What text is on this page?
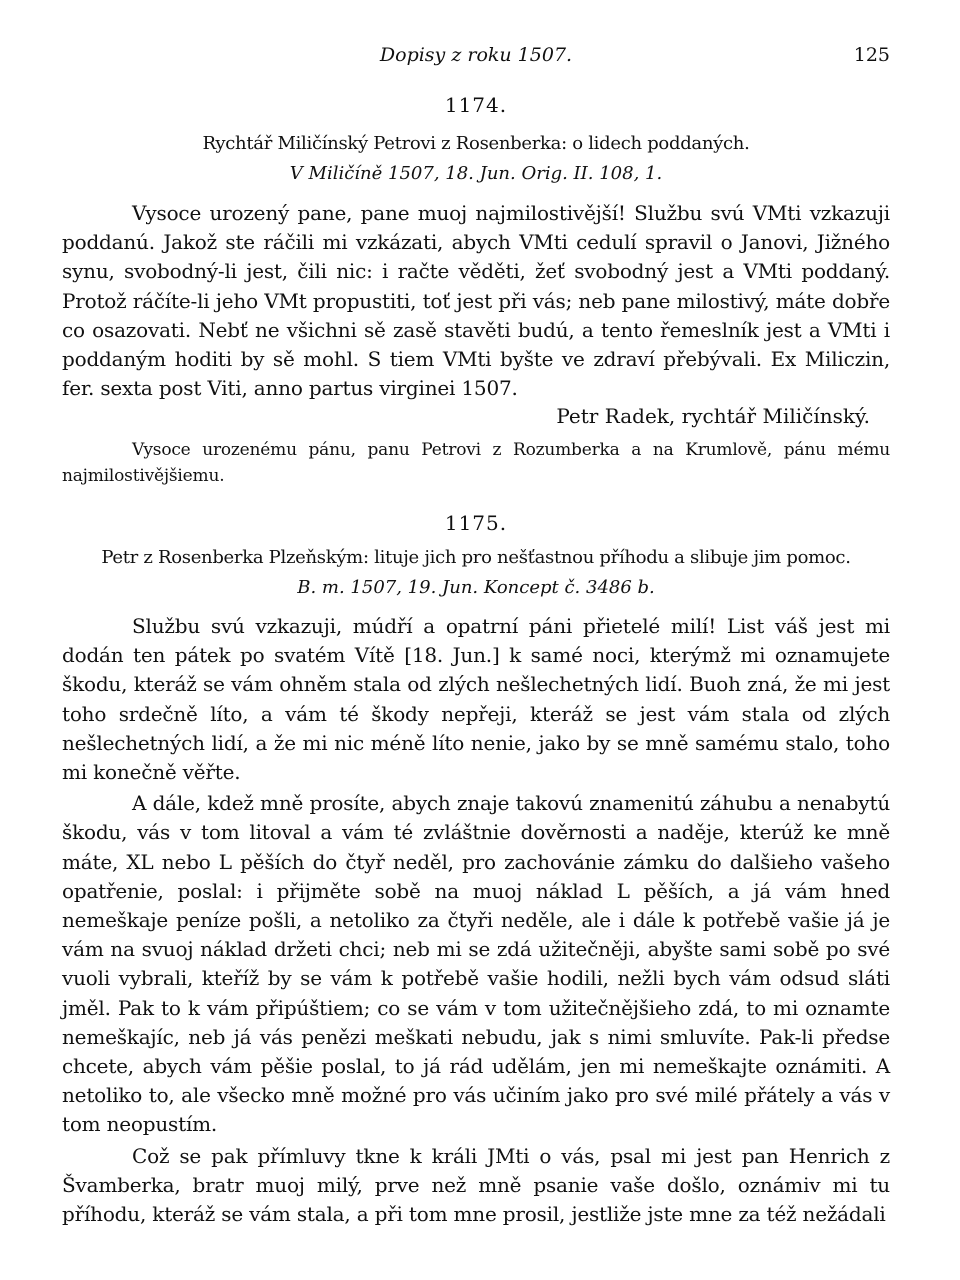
Dopisy z roku 1507.	125
1174.
Rychtář Miličínský Petrovi z Rosenberka: o lidech poddaných.
V Miličíně 1507, 18. Jun. Orig. II. 108, 1.

Vysoce urozený pane, pane muoj najmilostivější! Službu svú VMti vzkazuji poddanú. Jakož ste ráčili mi vzkázati, abych VMti cedulí spravil o Janovi, Jižného synu, svobodný-li jest, čili nic: i račte věděti, žeť svobodný jest a VMti poddaný. Protož ráčíte-li jeho VMt propustiti, toť jest při vás; neb pane milostivý, máte dobře co osazovati. Nebť ne všichni sě zasě stavěti budú, a tento řemeslník jest a VMti i poddaným hoditi by sě mohl. S tiem VMti byšte ve zdraví přebývali. Ex Miliczin, fer. sexta post Viti, anno partus virginei 1507.

Petr Radek, rychtář Miličínský.
Vysoce urozenému pánu, panu Petrovi z Rozumberka a na Krumlově, pánu mému najmilostivějšiemu.
1175.
Petr z Rosenberka Plzeňským: lituje jich pro nešťastnou příhodu a slibuje jim pomoc.
B. m. 1507, 19. Jun. Koncept č. 3486 b.

Službu svú vzkazuji, múdří a opatrní páni přietelé milí! List váš jest mi dodán ten pátek po svatém Vítě [18. Jun.] k samé noci, kterýmž mi oznamujete škodu, kteráž se vám ohněm stala od zlých nešlechetných lidí. Buoh zná, že mi jest toho srdečně líto, a vám té škody nepřeji, kteráž se jest vám stala od zlých nešlechetných lidí, a že mi nic méně líto nenie, jako by se mně samému stalo, toho mi konečně věřte.

A dále, kdež mně prosíte, abych znaje takovú znamenitú záhubu a nenabytú škodu, vás v tom litoval a vám té zvláštnie dověrnosti a naděje, kterúž ke mně máte, XL nebo L pěších do čtyř neděl, pro zachovánie zámku do dalšieho vašeho opatřenie, poslal: i přijměte sobě na muoj náklad L pěších, a já vám hned nemeškaje peníze pošli, a netoliko za čtyři neděle, ale i dále k potřebě vašie já je vám na svuoj náklad držeti chci; neb mi se zdá užitečněji, abyšte sami sobě po své vuoli vybrali, kteříž by se vám k potřebě vašie hodili, nežli bych vám odsud sláti jměl. Pak to k vám připúštiem; co se vám v tom užitečnějšieho zdá, to mi oznamte nemeškajíc, neb já vás penězi meškati nebudu, jak s nimi smluvíte. Pak-li předse chcete, abych vám pěšie poslal, to já rád udělám, jen mi nemeškajte oznámiti. A netoliko to, ale všecko mně možné pro vás učiním jako pro své milé přátely a vás v tom neopustím.

Což se pak přímluvy tkne k králi JMti o vás, psal mi jest pan Henrich z Švamberka, bratr muoj milý, prve než mně psanie vaše došlo, oznámiv mi tu příhodu, kteráž se vám stala, a při tom mne prosil, jestliže jste mne za též nežádali
